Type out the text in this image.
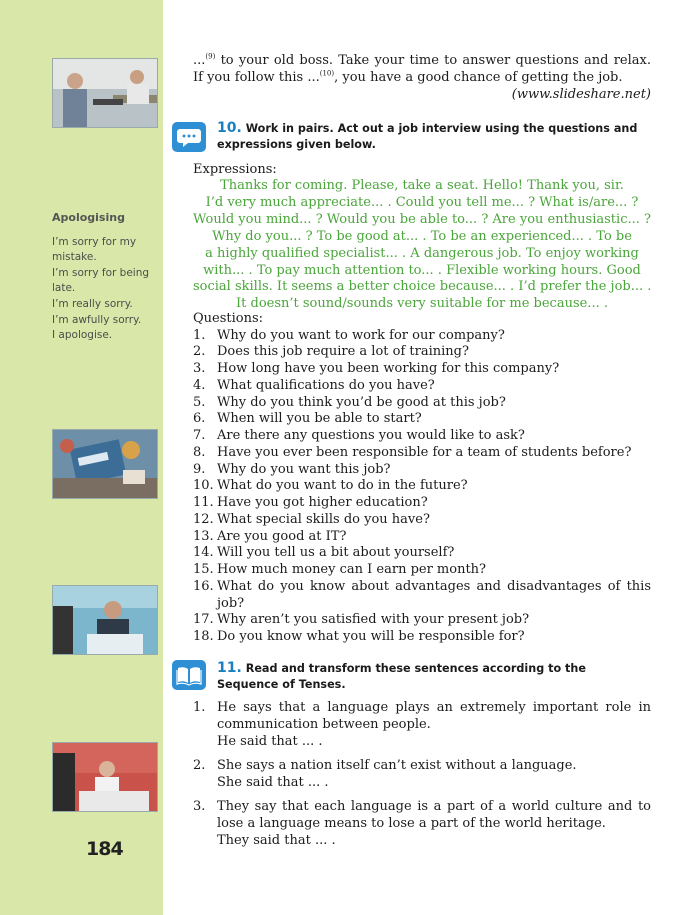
Apologising
I’m sorry for my mistake.
I’m sorry for being late.
I’m really sorry.
I’m awfully sorry.
I apologise.
184

...$^{(9)}$ to your old boss. Take your time to answer questions and relax. If you follow this ...$^{(10)}$, you have a good chance of getting the job.

(www.slideshare.net)

10. Work in pairs. Act out a job interview using the questions and expressions given below.
Expressions:
Thanks for coming. Please, take a seat. Hello! Thank you, sir.
I’d very much appreciate... . Could you tell me... ? What is/are... ?
Would you mind... ? Would you be able to... ? Are you enthusiastic... ?
Why do you... ? To be good at... . To be an experienced... . To be
a highly qualified specialist... . A dangerous job. To enjoy working
with... . To pay much attention to... . Flexible working hours. Good
social skills. It seems a better choice because... . I’d prefer the job... .
It doesn’t sound/sounds very suitable for me because... .
Questions:
1. Why do you want to work for our company?
2. Does this job require a lot of training?
3. How long have you been working for this company?
4. What qualifications do you have?
5. Why do you think you’d be good at this job?
6. When will you be able to start?
7. Are there any questions you would like to ask?
8. Have you ever been responsible for a team of students before?
9. Why do you want this job?
10. What do you want to do in the future?
11. Have you got higher education?
12. What special skills do you have?
13. Are you good at IT?
14. Will you tell us a bit about yourself?
15. How much money can I earn per month?
16. What do you know about advantages and disadvantages of this job?
17. Why aren’t you satisfied with your present job?
18. Do you know what you will be responsible for?
11. Read and transform these sentences according to the Sequence of Tenses.
1. He says that a language plays an extremely important role in communication between people.
He said that ... .
2. She says a nation itself can’t exist without a language.
She said that ... .
3. They say that each language is a part of a world culture and to lose a language means to lose a part of the world heritage.
They said that ... .
